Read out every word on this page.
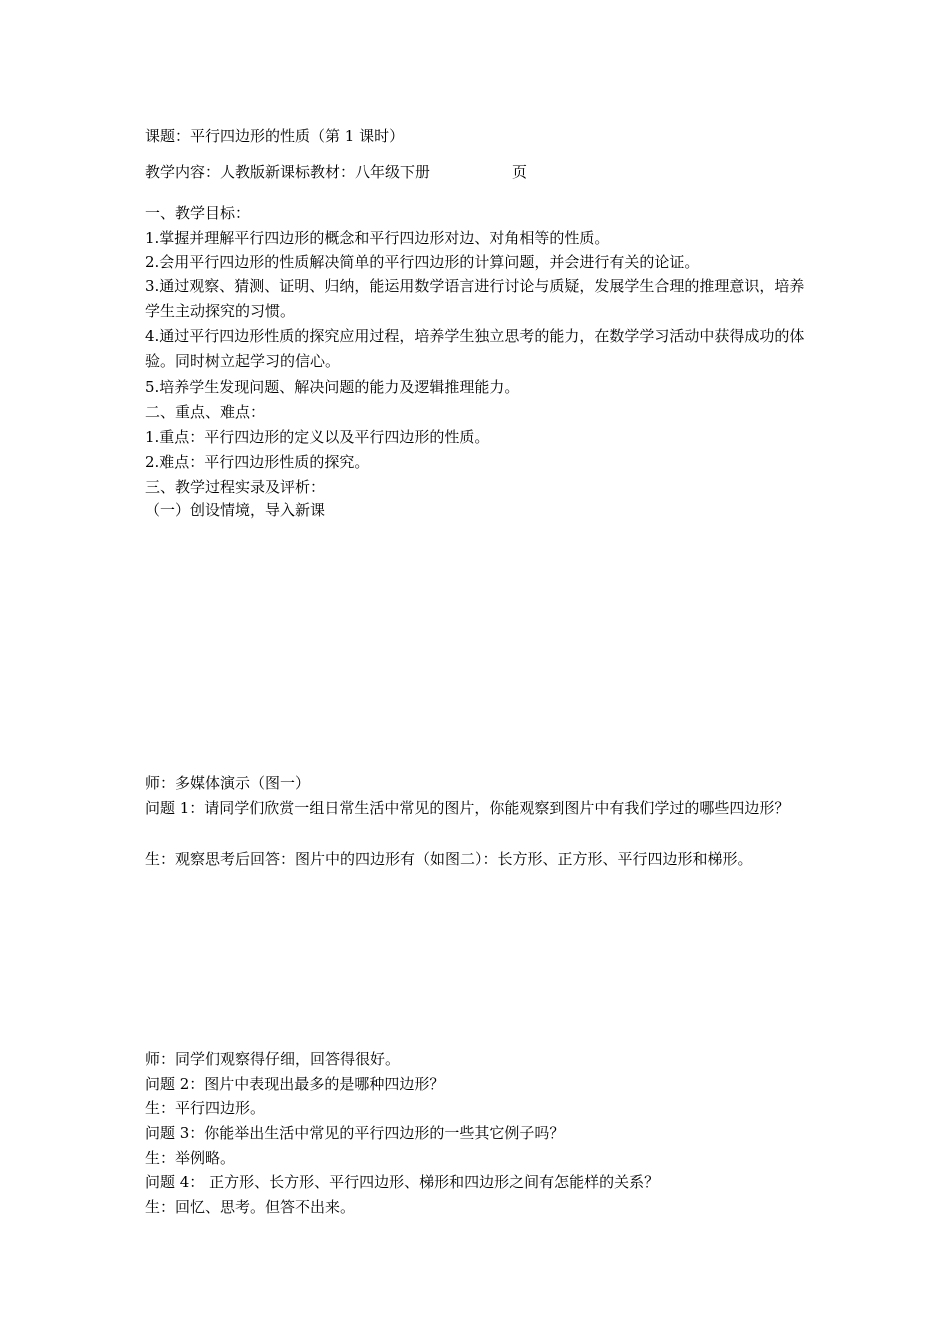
课题：平行四边形的性质（第 1 课时）
教学内容：人教版新课标教材：八年级下册	页
一、教学目标：
1.掌握并理解平行四边形的概念和平行四边形对边、对角相等的性质。
2.会用平行四边形的性质解决简单的平行四边形的计算问题，并会进行有关的论证。
3.通过观察、猜测、证明、归纳，能运用数学语言进行讨论与质疑，发展学生合理的推理意识，培养学生主动探究的习惯。
4.通过平行四边形性质的探究应用过程，培养学生独立思考的能力，在数学学习活动中获得成功的体验。同时树立起学习的信心。
5.培养学生发现问题、解决问题的能力及逻辑推理能力。
二、重点、难点：
1.重点：平行四边形的定义以及平行四边形的性质。
2.难点：平行四边形性质的探究。
三、教学过程实录及评析：
（一）创设情境，导入新课
师：多媒体演示（图一）
问题 1：请同学们欣赏一组日常生活中常见的图片，你能观察到图片中有我们学过的哪些四边形？
生：观察思考后回答：图片中的四边形有（如图二）：长方形、正方形、平行四边形和梯形。
师：同学们观察得仔细，回答得很好。
问题 2：图片中表现出最多的是哪种四边形？
生：平行四边形。
问题 3：你能举出生活中常见的平行四边形的一些其它例子吗？
生：举例略。
问题 4： 正方形、长方形、平行四边形、梯形和四边形之间有怎能样的关系？
生：回忆、思考。但答不出来。
